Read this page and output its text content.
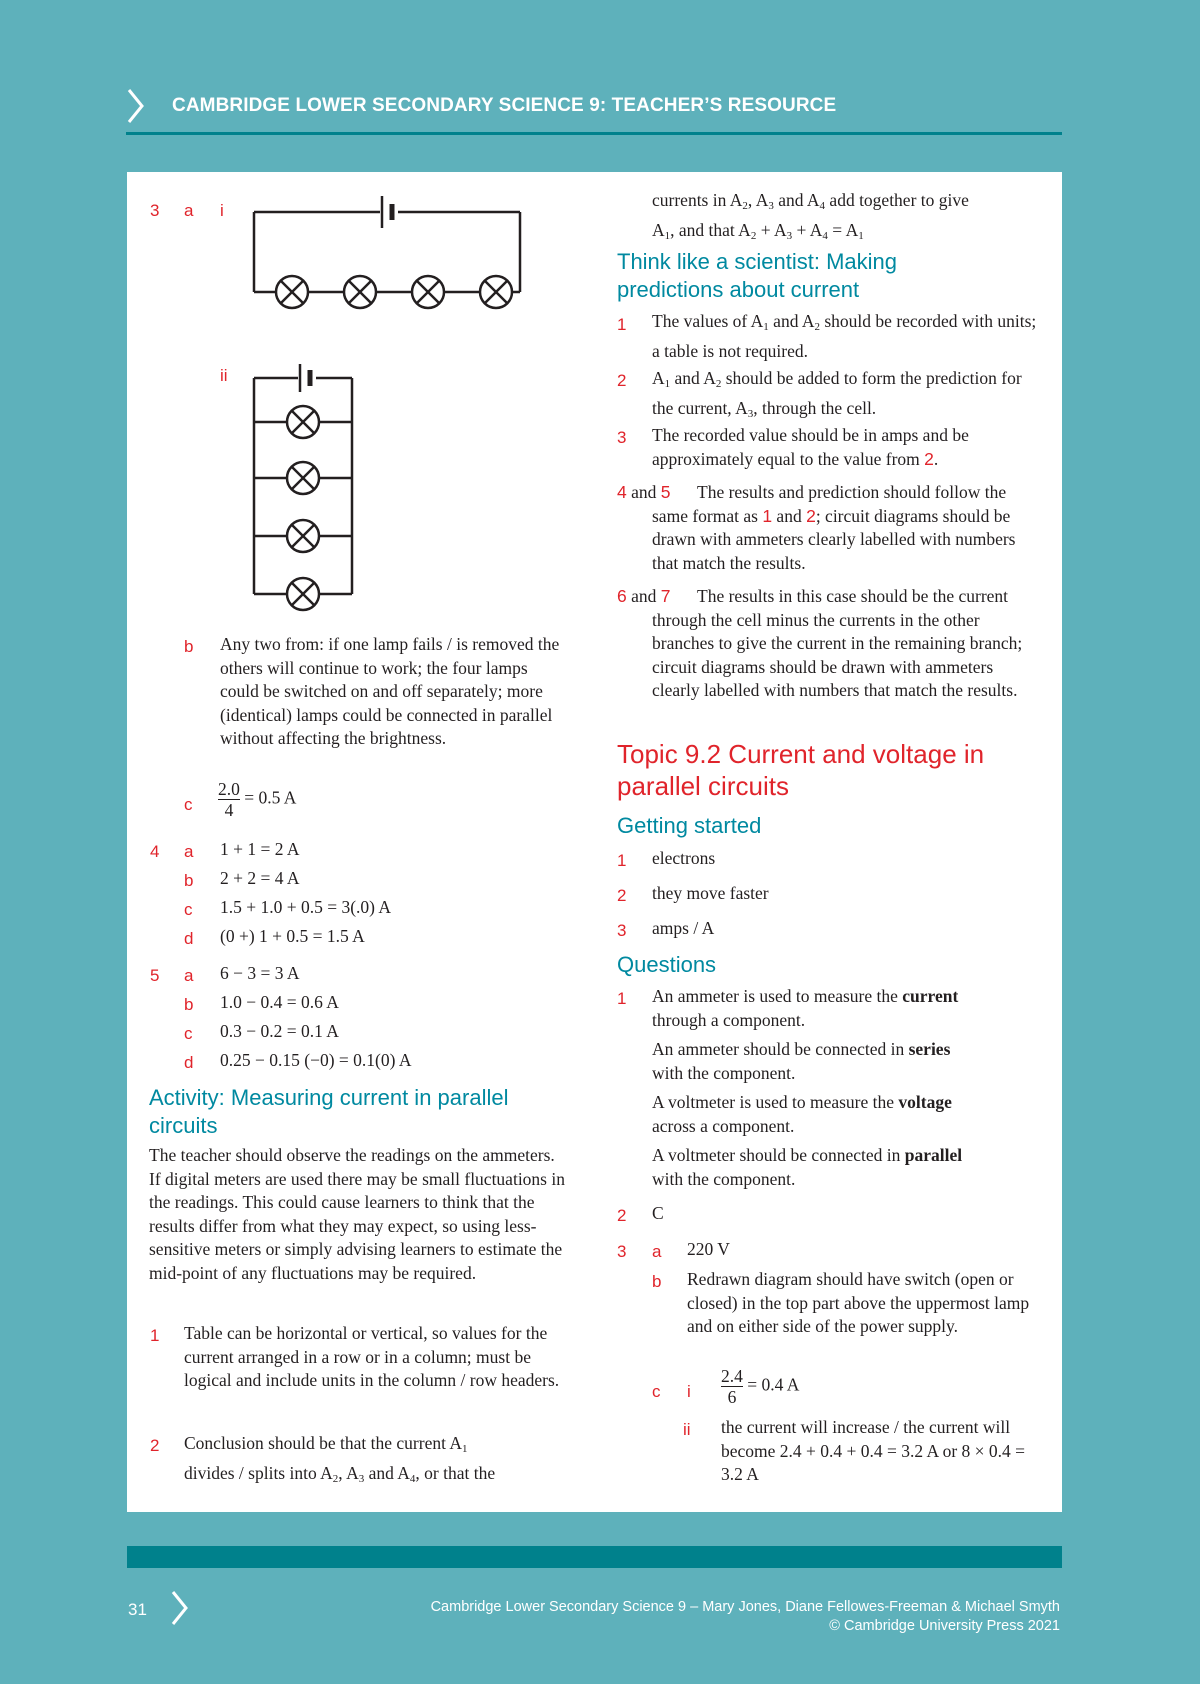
CAMBRIDGE LOWER SECONDARY SCIENCE 9: TEACHER’S RESOURCE
3 a i
ii
b Any two from: if one lamp fails / is removed the others will continue to work; the four lamps could be switched on and off separately; more (identical) lamps could be connected in parallel without affecting the brightness.
c $\frac{2.0}{4} = 0.5$ A
4 a 1 + 1 = 2 A
b 2 + 2 = 4 A
c 1.5 + 1.0 + 0.5 = 3(.0) A
d (0 +) 1 + 0.5 = 1.5 A
5 a 6 − 3 = 3 A
b 1.0 − 0.4 = 0.6 A
c 0.3 − 0.2 = 0.1 A
d 0.25 − 0.15 (−0) = 0.1(0) A
Activity: Measuring current in parallel circuits
The teacher should observe the readings on the ammeters. If digital meters are used there may be small fluctuations in the readings. This could cause learners to think that the results differ from what they may expect, so using less-sensitive meters or simply advising learners to estimate the mid-point of any fluctuations may be required.
1 Table can be horizontal or vertical, so values for the current arranged in a row or in a column; must be logical and include units in the column / row headers.
2 Conclusion should be that the current A1
divides / splits into A2, A3 and A4, or that the
currents in A2, A3 and A4 add together to give
A1, and that A2 + A3 + A4 = A1
Think like a scientist: Making predictions about current
1 The values of A1 and A2 should be recorded with units; a table is not required.
2 A1 and A2 should be added to form the prediction for the current, A3, through the cell.
3 The recorded value should be in amps and be approximately equal to the value from 2.
4 and 5	The results and prediction should follow the same format as 1 and 2; circuit diagrams should be drawn with ammeters clearly labelled with numbers that match the results.
6 and 7	The results in this case should be the current through the cell minus the currents in the other branches to give the current in the remaining branch; circuit diagrams should be drawn with ammeters clearly labelled with numbers that match the results.
Topic 9.2 Current and voltage in parallel circuits
Getting started
1 electrons
2 they move faster
3 amps / A
Questions
1 An ammeter is used to measure the current
through a component.
An ammeter should be connected in series
with the component.
A voltmeter is used to measure the voltage
across a component.
A voltmeter should be connected in parallel
with the component.
2 C
3 a 220 V
b Redrawn diagram should have switch (open or closed) in the top part above the uppermost lamp and on either side of the power supply.
c i $\frac{2.4}{6} = 0.4$ A
ii the current will increase / the current will become 2.4 + 0.4 + 0.4 = 3.2 A or 8 × 0.4 = 3.2 A
31	Cambridge Lower Secondary Science 9 – Mary Jones, Diane Fellowes-Freeman & Michael Smyth
© Cambridge University Press 2021
